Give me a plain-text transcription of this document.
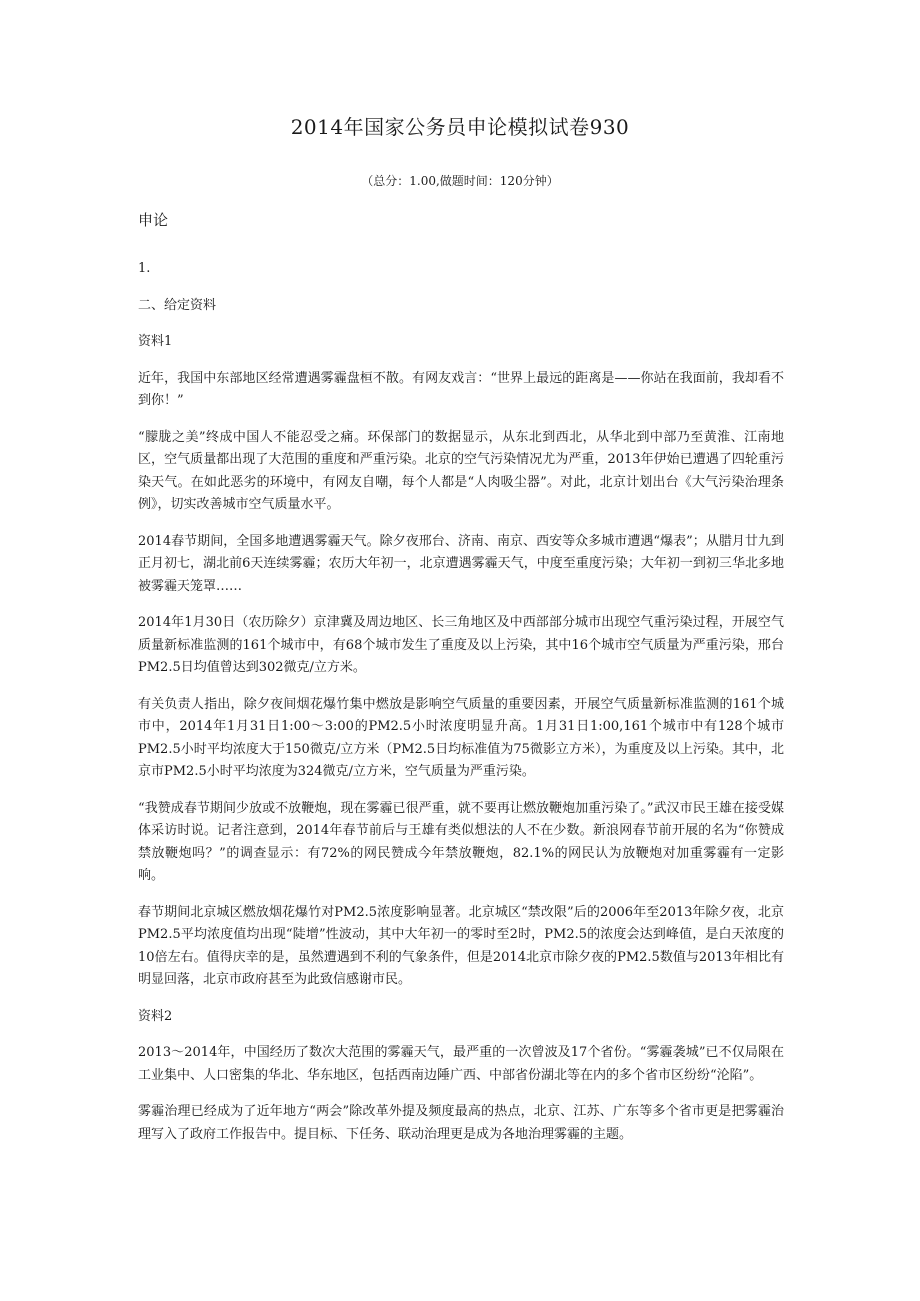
2014年国家公务员申论模拟试卷930
（总分：1.00,做题时间：120分钟）
申论

1.

二、给定资料

资料1

近年，我国中东部地区经常遭遇雾霾盘桓不散。有网友戏言：“世界上最远的距离是——你站在我面前，我却看不到你！”

“朦胧之美”终成中国人不能忍受之痛。环保部门的数据显示，从东北到西北，从华北到中部乃至黄淮、江南地区，空气质量都出现了大范围的重度和严重污染。北京的空气污染情况尤为严重，2013年伊始已遭遇了四轮重污染天气。在如此恶劣的环境中，有网友自嘲，每个人都是“人肉吸尘器”。对此，北京计划出台《大气污染治理条例》，切实改善城市空气质量水平。

2014春节期间，全国多地遭遇雾霾天气。除夕夜邢台、济南、南京、西安等众多城市遭遇“爆表”；从腊月廿九到正月初七，湖北前6天连续雾霾；农历大年初一，北京遭遇雾霾天气，中度至重度污染；大年初一到初三华北多地被雾霾天笼罩……

2014年1月30日（农历除夕）京津冀及周边地区、长三角地区及中西部部分城市出现空气重污染过程，开展空气质量新标准监测的161个城市中，有68个城市发生了重度及以上污染，其中16个城市空气质量为严重污染，邢台PM2.5日均值曾达到302微克/立方米。

有关负责人指出，除夕夜间烟花爆竹集中燃放是影响空气质量的重要因素，开展空气质量新标准监测的161个城市中，2014年1月31日1:00～3:00的PM2.5小时浓度明显升高。1月31日1:00,161个城市中有128个城市PM2.5小时平均浓度大于150微克/立方米（PM2.5日均标准值为75微影立方米），为重度及以上污染。其中，北京市PM2.5小时平均浓度为324微克/立方米，空气质量为严重污染。

“我赞成春节期间少放或不放鞭炮，现在雾霾已很严重，就不要再让燃放鞭炮加重污染了。”武汉市民王雄在接受媒体采访时说。记者注意到，2014年春节前后与王雄有类似想法的人不在少数。新浪网春节前开展的名为“你赞成禁放鞭炮吗？”的调查显示：有72%的网民赞成今年禁放鞭炮，82.1%的网民认为放鞭炮对加重雾霾有一定影响。

春节期间北京城区燃放烟花爆竹对PM2.5浓度影响显著。北京城区“禁改限”后的2006年至2013年除夕夜，北京PM2.5平均浓度值均出现“陡增”性波动，其中大年初一的零时至2时，PM2.5的浓度会达到峰值，是白天浓度的10倍左右。值得庆幸的是，虽然遭遇到不利的气象条件，但是2014北京市除夕夜的PM2.5数值与2013年相比有明显回落，北京市政府甚至为此致信感谢市民。

资料2

2013～2014年，中国经历了数次大范围的雾霾天气，最严重的一次曾波及17个省份。“雾霾袭城”已不仅局限在工业集中、人口密集的华北、华东地区，包括西南边陲广西、中部省份湖北等在内的多个省市区纷纷“沦陷”。

雾霾治理已经成为了近年地方“两会”除改革外提及频度最高的热点，北京、江苏、广东等多个省市更是把雾霾治理写入了政府工作报告中。提目标、下任务、联动治理更是成为各地治理雾霾的主题。
